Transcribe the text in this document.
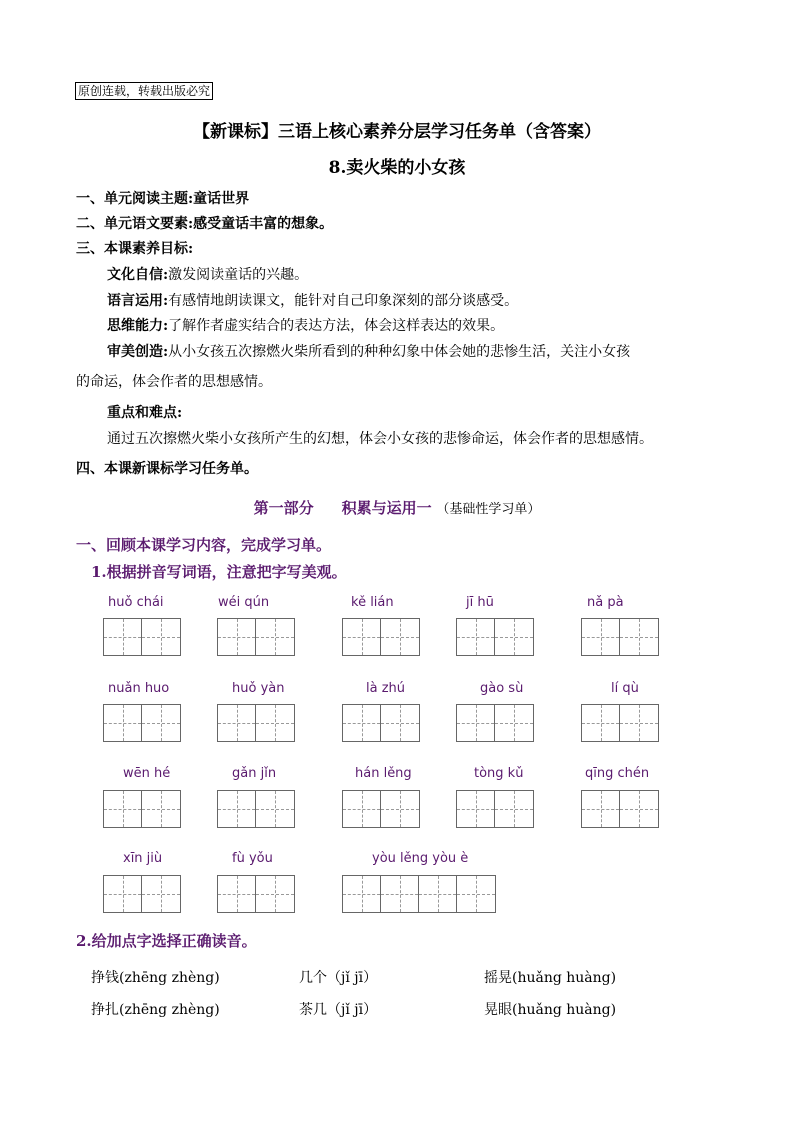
原创连载，转载出版必究
【新课标】三语上核心素养分层学习任务单（含答案）
8.卖火柴的小女孩
一、单元阅读主题:童话世界
二、单元语文要素:感受童话丰富的想象。
三、本课素养目标:
文化自信:激发阅读童话的兴趣。
语言运用:有感情地朗读课文，能针对自己印象深刻的部分谈感受。
思维能力:了解作者虚实结合的表达方法，体会这样表达的效果。
审美创造:从小女孩五次擦燃火柴所看到的种种幻象中体会她的悲惨生活，关注小女孩
的命运，体会作者的思想感情。
重点和难点:
通过五次擦燃火柴小女孩所产生的幻想，体会小女孩的悲惨命运，体会作者的思想感情。
四、本课新课标学习任务单。
第一部分 积累与运用一 （基础性学习单）
一、回顾本课学习内容，完成学习单。
1.根据拼音写词语，注意把字写美观。
huǒ chái	wéi qún	kě lián	jī hū	nǎ pà
nuǎn huo	huǒ yàn	là zhú	gào sù	lí qù
wēn hé	gǎn jǐn	hán lěng	tòng kǔ	qīng chén
xīn jiù	fù yǒu	yòu lěng yòu è
2.给加点字选择正确读音。
挣钱(zhēng zhèng)	几个（jǐ jī）	摇晃(huǎng huàng)
挣扎(zhēng zhèng)	茶几（jǐ jī）	晃眼(huǎng huàng)
